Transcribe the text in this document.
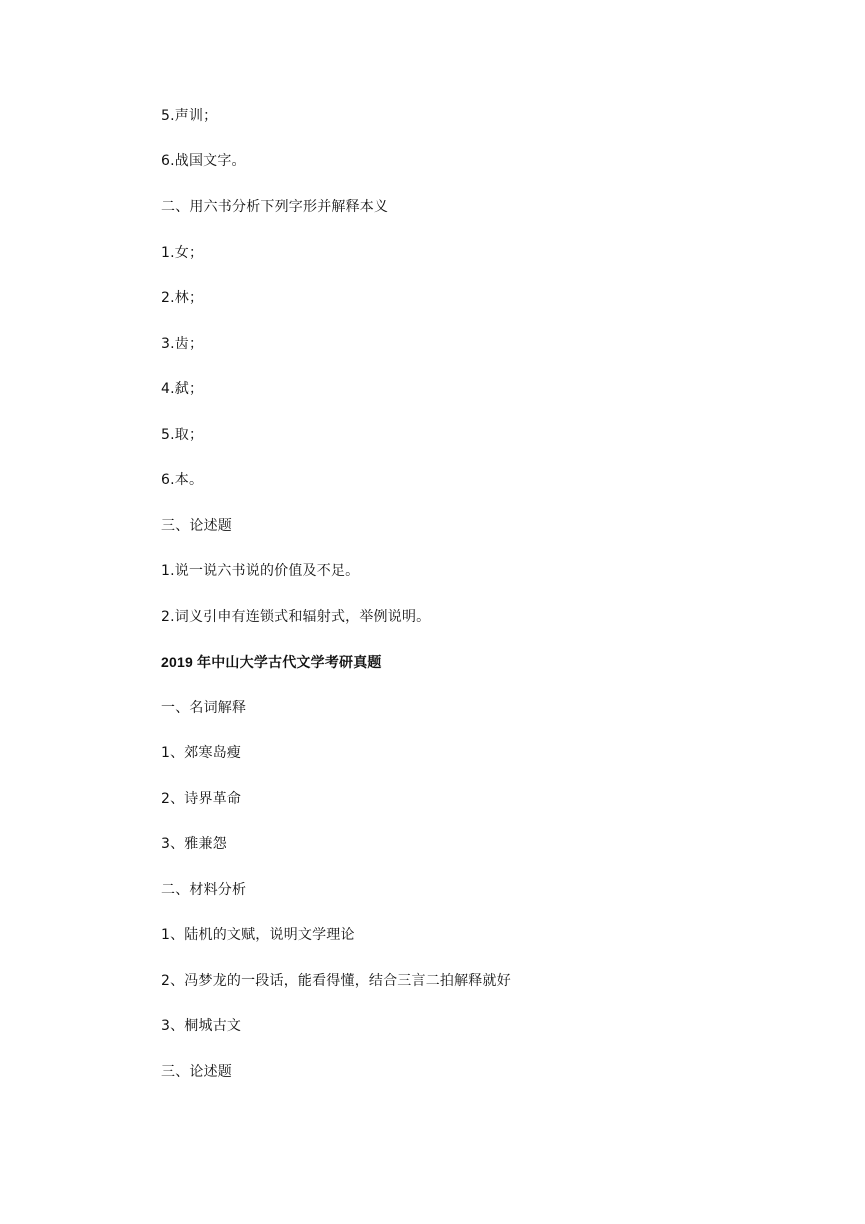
5.声训；
6.战国文字。
二、用六书分析下列字形并解释本义
1.女；
2.林；
3.齿；
4.弑；
5.取；
6.本。
三、论述题
1.说一说六书说的价值及不足。
2.词义引申有连锁式和辐射式，举例说明。
2019 年中山大学古代文学考研真题
一、名词解释
1、郊寒岛瘦
2、诗界革命
3、雅兼怨
二、材料分析
1、陆机的文赋，说明文学理论
2、冯梦龙的一段话，能看得懂，结合三言二拍解释就好
3、桐城古文
三、论述题
